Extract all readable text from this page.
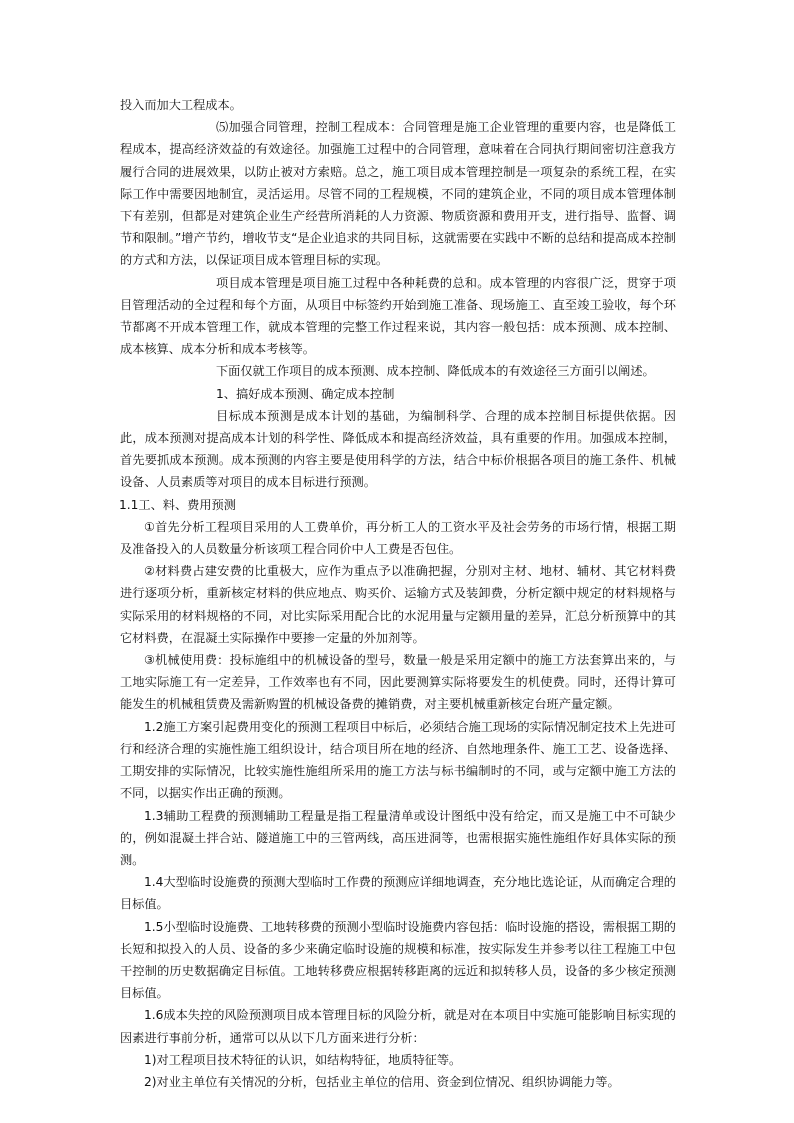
投入而加大工程成本。

⑸加强合同管理，控制工程成本：合同管理是施工企业管理的重要内容，也是降低工程成本，提高经济效益的有效途径。加强施工过程中的合同管理，意味着在合同执行期间密切注意我方履行合同的进展效果，以防止被对方索赔。总之，施工项目成本管理控制是一项复杂的系统工程，在实际工作中需要因地制宜，灵活运用。尽管不同的工程规模，不同的建筑企业，不同的项目成本管理体制下有差别，但都是对建筑企业生产经营所消耗的人力资源、物质资源和费用开支，进行指导、监督、调节和限制。”增产节约，增收节支“是企业追求的共同目标，这就需要在实践中不断的总结和提高成本控制的方式和方法，以保证项目成本管理目标的实现。

项目成本管理是项目施工过程中各种耗费的总和。成本管理的内容很广泛，贯穿于项目管理活动的全过程和每个方面，从项目中标签约开始到施工准备、现场施工、直至竣工验收，每个环节都离不开成本管理工作，就成本管理的完整工作过程来说，其内容一般包括：成本预测、成本控制、成本核算、成本分析和成本考核等。

下面仅就工作项目的成本预测、成本控制、降低成本的有效途径三方面引以阐述。

1、搞好成本预测、确定成本控制

目标成本预测是成本计划的基础，为编制科学、合理的成本控制目标提供依据。因此，成本预测对提高成本计划的科学性、降低成本和提高经济效益，具有重要的作用。加强成本控制，首先要抓成本预测。成本预测的内容主要是使用科学的方法，结合中标价根据各项目的施工条件、机械设备、人员素质等对项目的成本目标进行预测。

1.1工、料、费用预测

①首先分析工程项目采用的人工费单价，再分析工人的工资水平及社会劳务的市场行情，根据工期及准备投入的人员数量分析该项工程合同价中人工费是否包住。

②材料费占建安费的比重极大，应作为重点予以准确把握，分别对主材、地材、辅材、其它材料费进行逐项分析，重新核定材料的供应地点、购买价、运输方式及装卸费，分析定额中规定的材料规格与实际采用的材料规格的不同，对比实际采用配合比的水泥用量与定额用量的差异，汇总分析预算中的其它材料费，在混凝土实际操作中要掺一定量的外加剂等。

③机械使用费：投标施组中的机械设备的型号，数量一般是采用定额中的施工方法套算出来的，与工地实际施工有一定差异，工作效率也有不同，因此要测算实际将要发生的机使费。同时，还得计算可能发生的机械租赁费及需新购置的机械设备费的摊销费，对主要机械重新核定台班产量定额。

1.2施工方案引起费用变化的预测工程项目中标后，必须结合施工现场的实际情况制定技术上先进可行和经济合理的实施性施工组织设计，结合项目所在地的经济、自然地理条件、施工工艺、设备选择、工期安排的实际情况，比较实施性施组所采用的施工方法与标书编制时的不同，或与定额中施工方法的不同，以据实作出正确的预测。

1.3辅助工程费的预测辅助工程量是指工程量清单或设计图纸中没有给定，而又是施工中不可缺少的，例如混凝土拌合站、隧道施工中的三管两线，高压进洞等，也需根据实施性施组作好具体实际的预测。

1.4大型临时设施费的预测大型临时工作费的预测应详细地调查，充分地比选论证，从而确定合理的目标值。

1.5小型临时设施费、工地转移费的预测小型临时设施费内容包括：临时设施的搭设，需根据工期的长短和拟投入的人员、设备的多少来确定临时设施的规模和标准，按实际发生并参考以往工程施工中包干控制的历史数据确定目标值。工地转移费应根据转移距离的远近和拟转移人员，设备的多少核定预测目标值。

1.6成本失控的风险预测项目成本管理目标的风险分析，就是对在本项目中实施可能影响目标实现的因素进行事前分析，通常可以从以下几方面来进行分析：

1)对工程项目技术特征的认识，如结构特征，地质特征等。

2)对业主单位有关情况的分析，包括业主单位的信用、资金到位情况、组织协调能力等。
